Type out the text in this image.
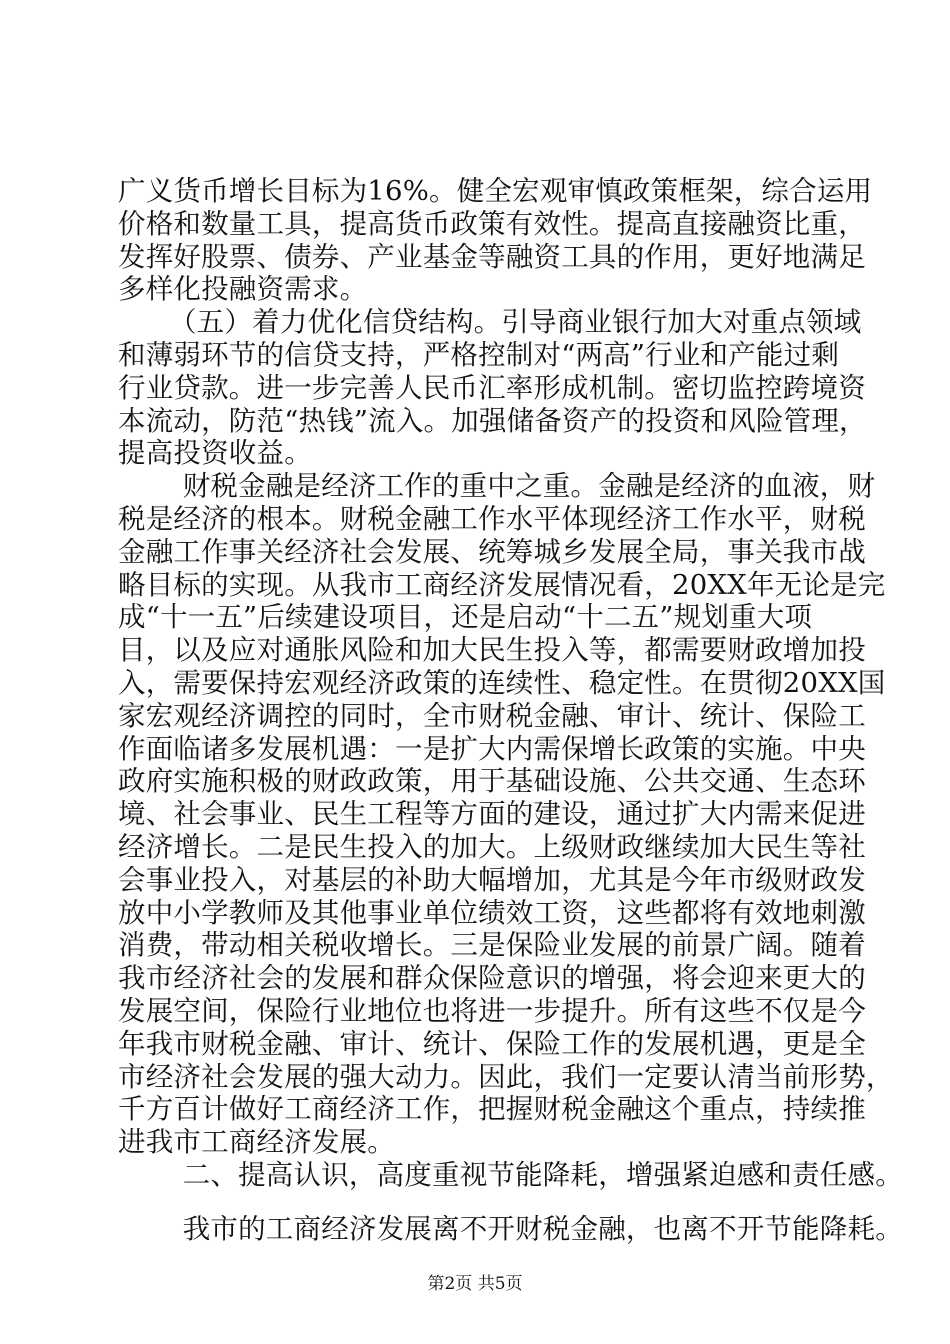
广义货币增长目标为16%。健全宏观审慎政策框架，综合运用
价格和数量工具，提高货币政策有效性。提高直接融资比重，
发挥好股票、债券、产业基金等融资工具的作用，更好地满足
多样化投融资需求。
　（五）着力优化信贷结构。引导商业银行加大对重点领域
和薄弱环节的信贷支持，严格控制对“两高”行业和产能过剩
行业贷款。进一步完善人民币汇率形成机制。密切监控跨境资
本流动，防范“热钱”流入。加强储备资产的投资和风险管理，
提高投资收益。
　财税金融是经济工作的重中之重。金融是经济的血液，财
税是经济的根本。财税金融工作水平体现经济工作水平，财税
金融工作事关经济社会发展、统筹城乡发展全局，事关我市战
略目标的实现。从我市工商经济发展情况看，20XX年无论是完
成“十一五”后续建设项目，还是启动“十二五”规划重大项
目，以及应对通胀风险和加大民生投入等，都需要财政增加投
入，需要保持宏观经济政策的连续性、稳定性。在贯彻20XX国
家宏观经济调控的同时，全市财税金融、审计、统计、保险工
作面临诸多发展机遇：一是扩大内需保增长政策的实施。中央
政府实施积极的财政政策，用于基础设施、公共交通、生态环
境、社会事业、民生工程等方面的建设，通过扩大内需来促进
经济增长。二是民生投入的加大。上级财政继续加大民生等社
会事业投入，对基层的补助大幅增加，尤其是今年市级财政发
放中小学教师及其他事业单位绩效工资，这些都将有效地刺激
消费，带动相关税收增长。三是保险业发展的前景广阔。随着
我市经济社会的发展和群众保险意识的增强，将会迎来更大的
发展空间，保险行业地位也将进一步提升。所有这些不仅是今
年我市财税金融、审计、统计、保险工作的发展机遇，更是全
市经济社会发展的强大动力。因此，我们一定要认清当前形势，
千方百计做好工商经济工作，把握财税金融这个重点，持续推
进我市工商经济发展。
　二、提高认识，高度重视节能降耗，增强紧迫感和责任感。
　我市的工商经济发展离不开财税金融，也离不开节能降耗。
第2页 共5页
